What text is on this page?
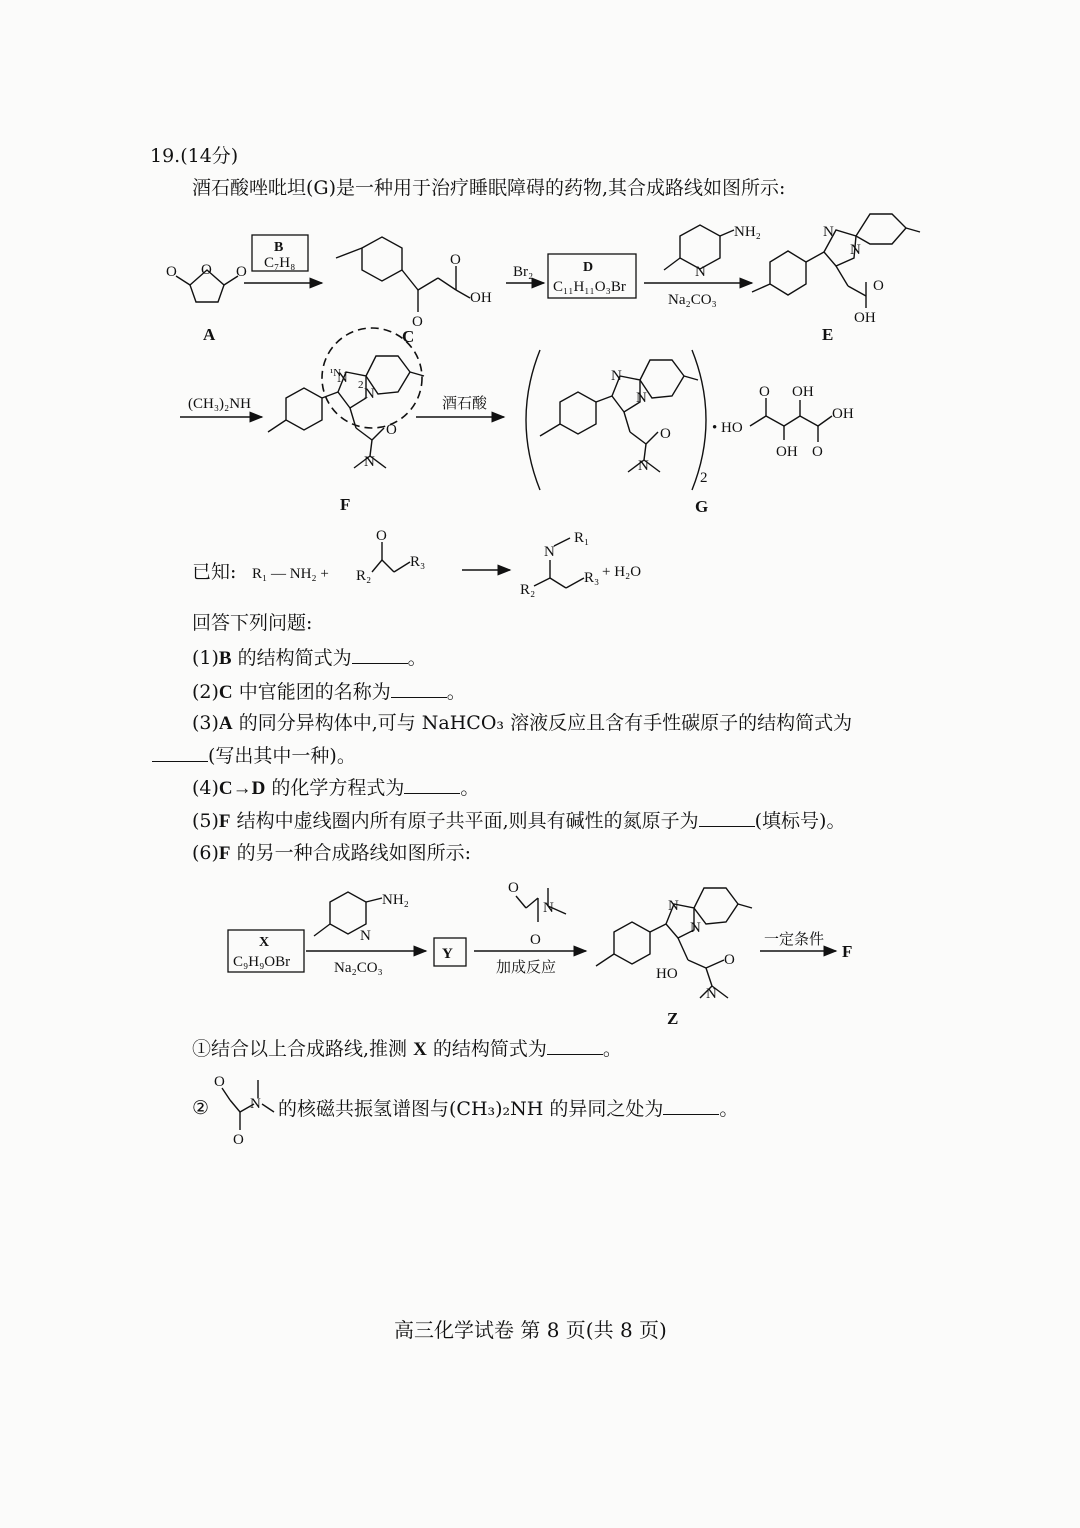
19.(14分)
酒石酸唑吡坦(G)是一种用于治疗睡眠障碍的药物,其合成路线如图所示:
O O O
A
B
C₇H₈
O
O
OH
C
Br₂	D
C₁₁H₁₁O₃Br
NH₂
N
Na₂CO₃
N
N
O
OH
E
(CH₃)₂NH
¹N
N 2
N
O
N
F
酒石酸
N
N
O
N
2
• HO
O OH
OH
OH O
G
R₁ — NH₂ +
O
R₂
R₃
N
R₁
R₂
R₃ + H₂O
X
C₉H₉OBr
NH₂
N
Na₂CO₃
Y
O
N
O
加成反应
N
N
HO
O
N
一定条件
F
Z
O
N
O
已知:
回答下列问题:
(1)B 的结构简式为	。
(2)C 中官能团的名称为	。
(3)A 的同分异构体中,可与 NaHCO₃ 溶液反应且含有手性碳原子的结构简式为
(写出其中一种)。
(4)C→D 的化学方程式为	。
(5)F 结构中虚线圈内所有原子共平面,则具有碱性的氮原子为	(填标号)。
(6)F 的另一种合成路线如图所示:
①结合以上合成路线,推测 X 的结构简式为	。
②	的核磁共振氢谱图与(CH₃)₂NH 的异同之处为	。
高三化学试卷 第 8 页(共 8 页)
